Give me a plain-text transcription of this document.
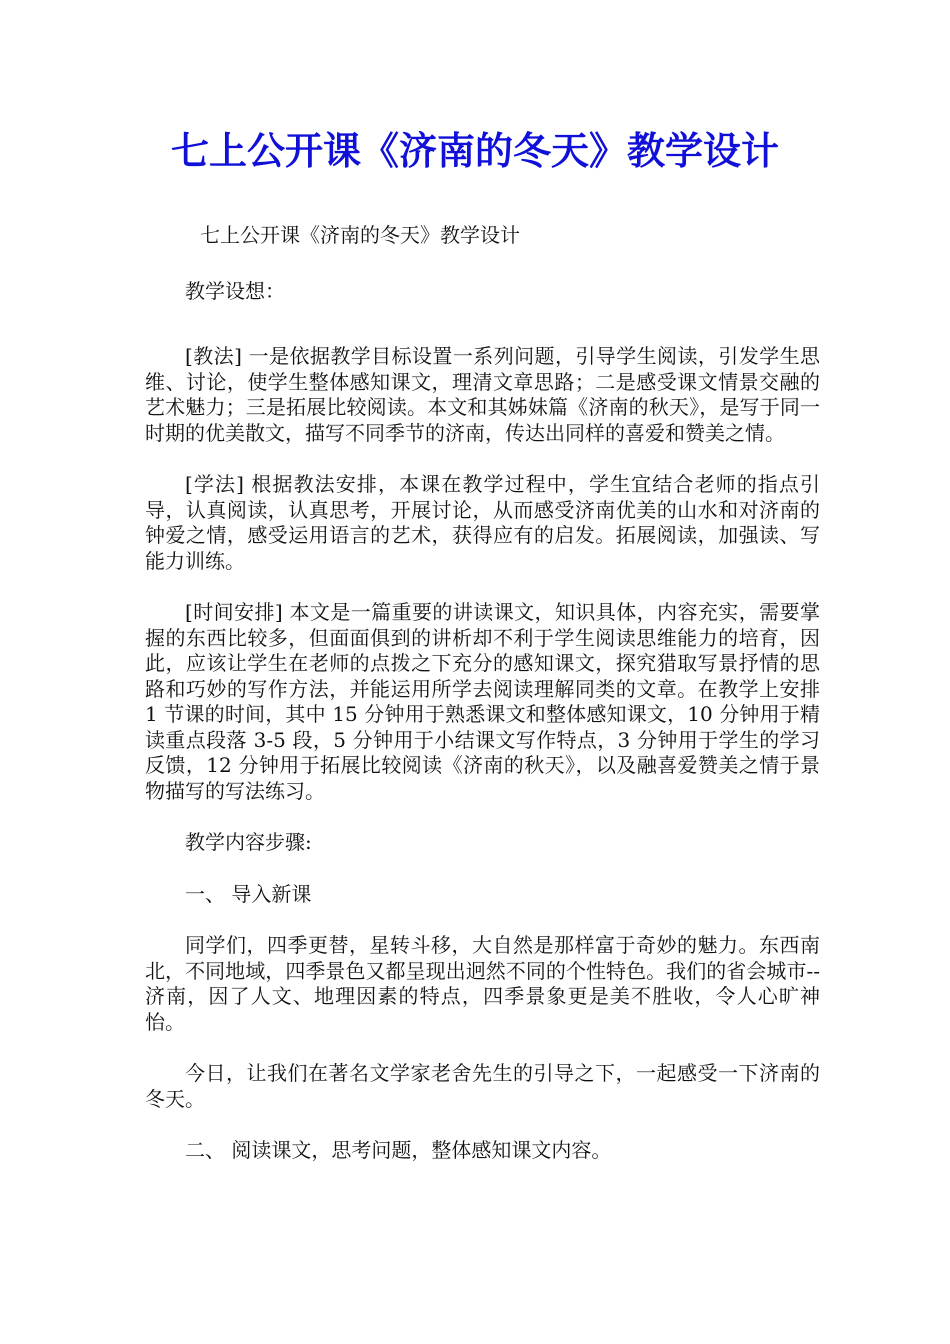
七上公开课《济南的冬天》教学设计

七上公开课《济南的冬天》教学设计

教学设想：

[教法] 一是依据教学目标设置一系列问题，引导学生阅读，引发学生思维、讨论，使学生整体感知课文，理清文章思路；二是感受课文情景交融的艺术魅力；三是拓展比较阅读。本文和其姊妹篇《济南的秋天》，是写于同一时期的优美散文，描写不同季节的济南，传达出同样的喜爱和赞美之情。

[学法] 根据教法安排，本课在教学过程中，学生宜结合老师的指点引导，认真阅读，认真思考，开展讨论，从而感受济南优美的山水和对济南的钟爱之情，感受运用语言的艺术，获得应有的启发。拓展阅读，加强读、写能力训练。

[时间安排] 本文是一篇重要的讲读课文，知识具体，内容充实，需要掌握的东西比较多，但面面俱到的讲析却不利于学生阅读思维能力的培育，因此，应该让学生在老师的点拨之下充分的感知课文，探究猎取写景抒情的思路和巧妙的写作方法，并能运用所学去阅读理解同类的文章。在教学上安排 1 节课的时间，其中 15 分钟用于熟悉课文和整体感知课文，10 分钟用于精读重点段落 3-5 段，5 分钟用于小结课文写作特点，3 分钟用于学生的学习反馈，12 分钟用于拓展比较阅读《济南的秋天》，以及融喜爱赞美之情于景物描写的写法练习。

教学内容步骤:

一、 导入新课

同学们，四季更替，星转斗移，大自然是那样富于奇妙的魅力。东西南北，不同地域，四季景色又都呈现出迥然不同的个性特色。我们的省会城市--济南，因了人文、地理因素的特点，四季景象更是美不胜收，令人心旷神怡。

今日，让我们在著名文学家老舍先生的引导之下，一起感受一下济南的冬天。

二、 阅读课文，思考问题，整体感知课文内容。
